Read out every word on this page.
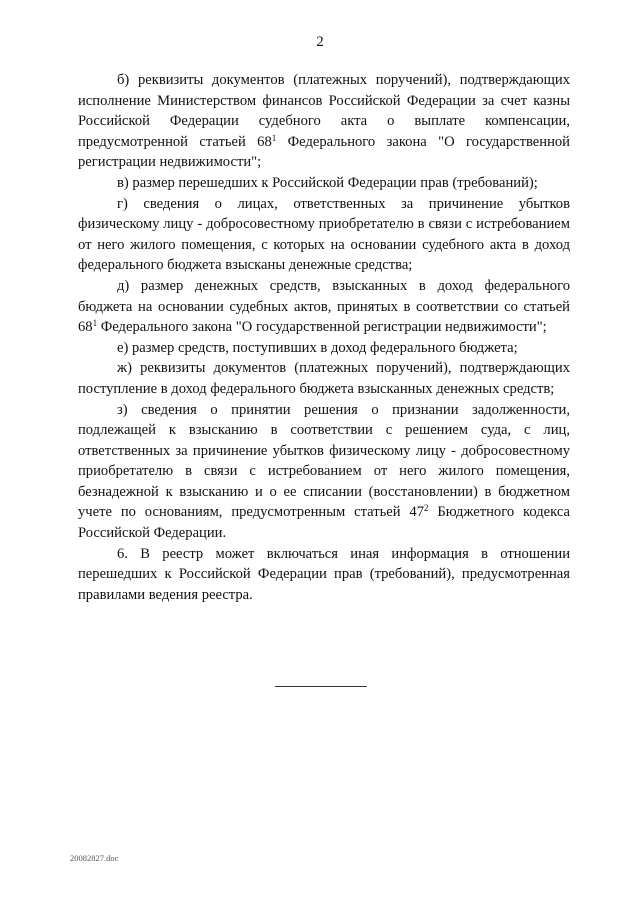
2

б) реквизиты документов (платежных поручений), подтверждающих исполнение Министерством финансов Российской Федерации за счет казны Российской Федерации судебного акта о выплате компенсации, предусмотренной статьей $68^1$ Федерального закона "О государственной регистрации недвижимости";

в) размер перешедших к Российской Федерации прав (требований);

г) сведения о лицах, ответственных за причинение убытков физическому лицу - добросовестному приобретателю в связи с истребованием от него жилого помещения, с которых на основании судебного акта в доход федерального бюджета взысканы денежные средства;

д) размер денежных средств, взысканных в доход федерального бюджета на основании судебных актов, принятых в соответствии со статьей $68^1$ Федерального закона "О государственной регистрации недвижимости";

е) размер средств, поступивших в доход федерального бюджета;

ж) реквизиты документов (платежных поручений), подтверждающих поступление в доход федерального бюджета взысканных денежных средств;

з) сведения о принятии решения о признании задолженности, подлежащей к взысканию в соответствии с решением суда, с лиц, ответственных за причинение убытков физическому лицу - добросовестному приобретателю в связи с истребованием от него жилого помещения, безнадежной к взысканию и о ее списании (восстановлении) в бюджетном учете по основаниям, предусмотренным статьей $47^2$ Бюджетного кодекса Российской Федерации.

6. В реестр может включаться иная информация в отношении перешедших к Российской Федерации прав (требований), предусмотренная правилами ведения реестра.

20082827.doc
